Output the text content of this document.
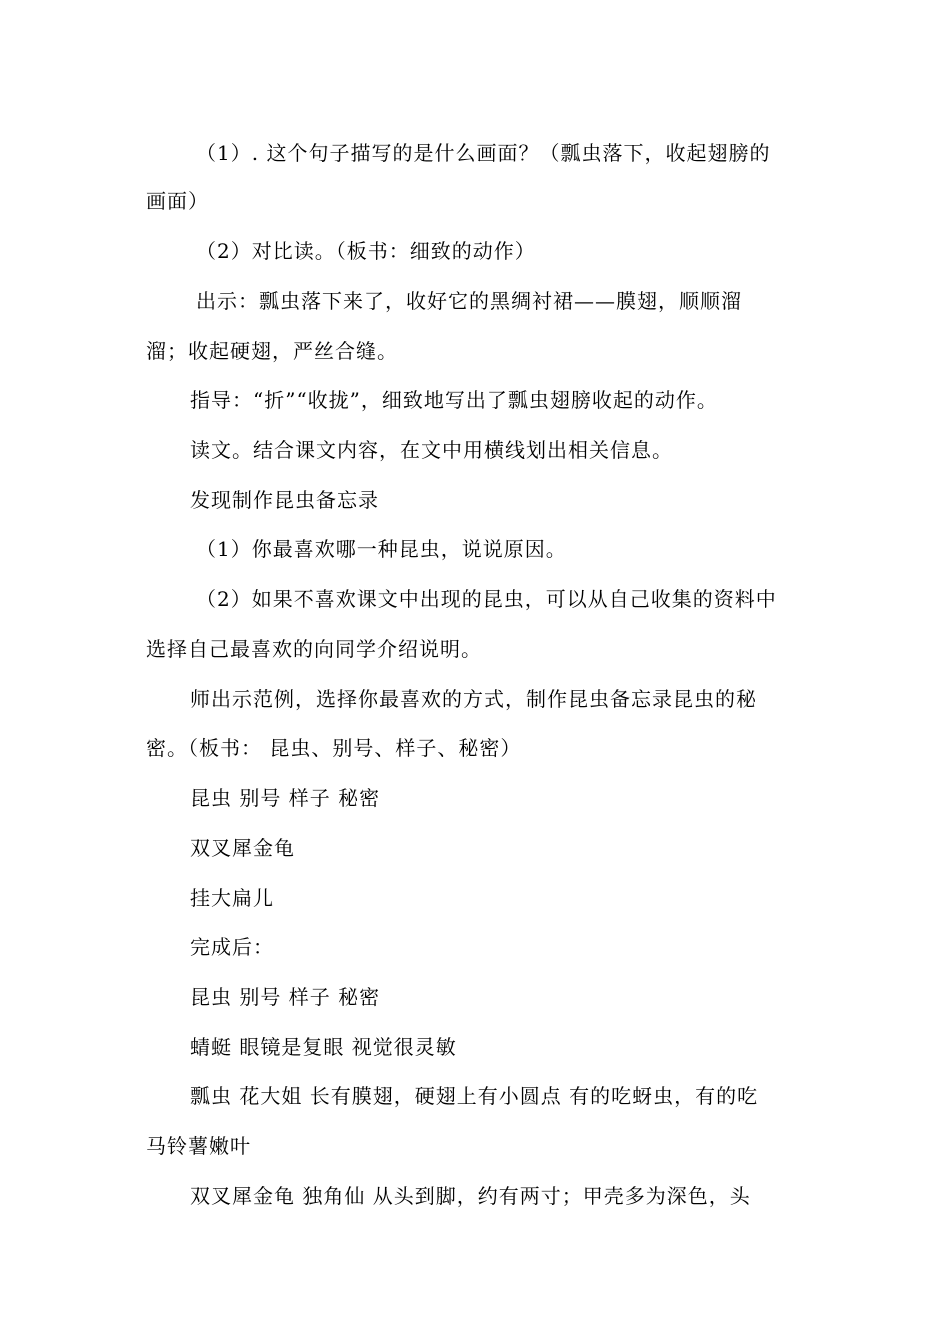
（1）. 这个句子描写的是什么画面？（瓢虫落下，收起翅膀的
画面）
（2）对比读。（板书：细致的动作）
出示：瓢虫落下来了，收好它的黑绸衬裙——膜翅，顺顺溜
溜；收起硬翅，严丝合缝。
指导：“折”“收拢”，细致地写出了瓢虫翅膀收起的动作。
读文。结合课文内容，在文中用横线划出相关信息。
发现制作昆虫备忘录
（1）你最喜欢哪一种昆虫，说说原因。
（2）如果不喜欢课文中出现的昆虫，可以从自己收集的资料中
选择自己最喜欢的向同学介绍说明。
师出示范例，选择你最喜欢的方式，制作昆虫备忘录昆虫的秘
密。（板书： 昆虫、别号、样子、秘密）
昆虫 别号 样子 秘密
双叉犀金龟
挂大扁儿
完成后：
昆虫 别号 样子 秘密
蜻蜓 眼镜是复眼 视觉很灵敏
瓢虫 花大姐 长有膜翅，硬翅上有小圆点 有的吃蚜虫，有的吃
马铃薯嫩叶
双叉犀金龟 独角仙 从头到脚，约有两寸；甲壳多为深色，头
